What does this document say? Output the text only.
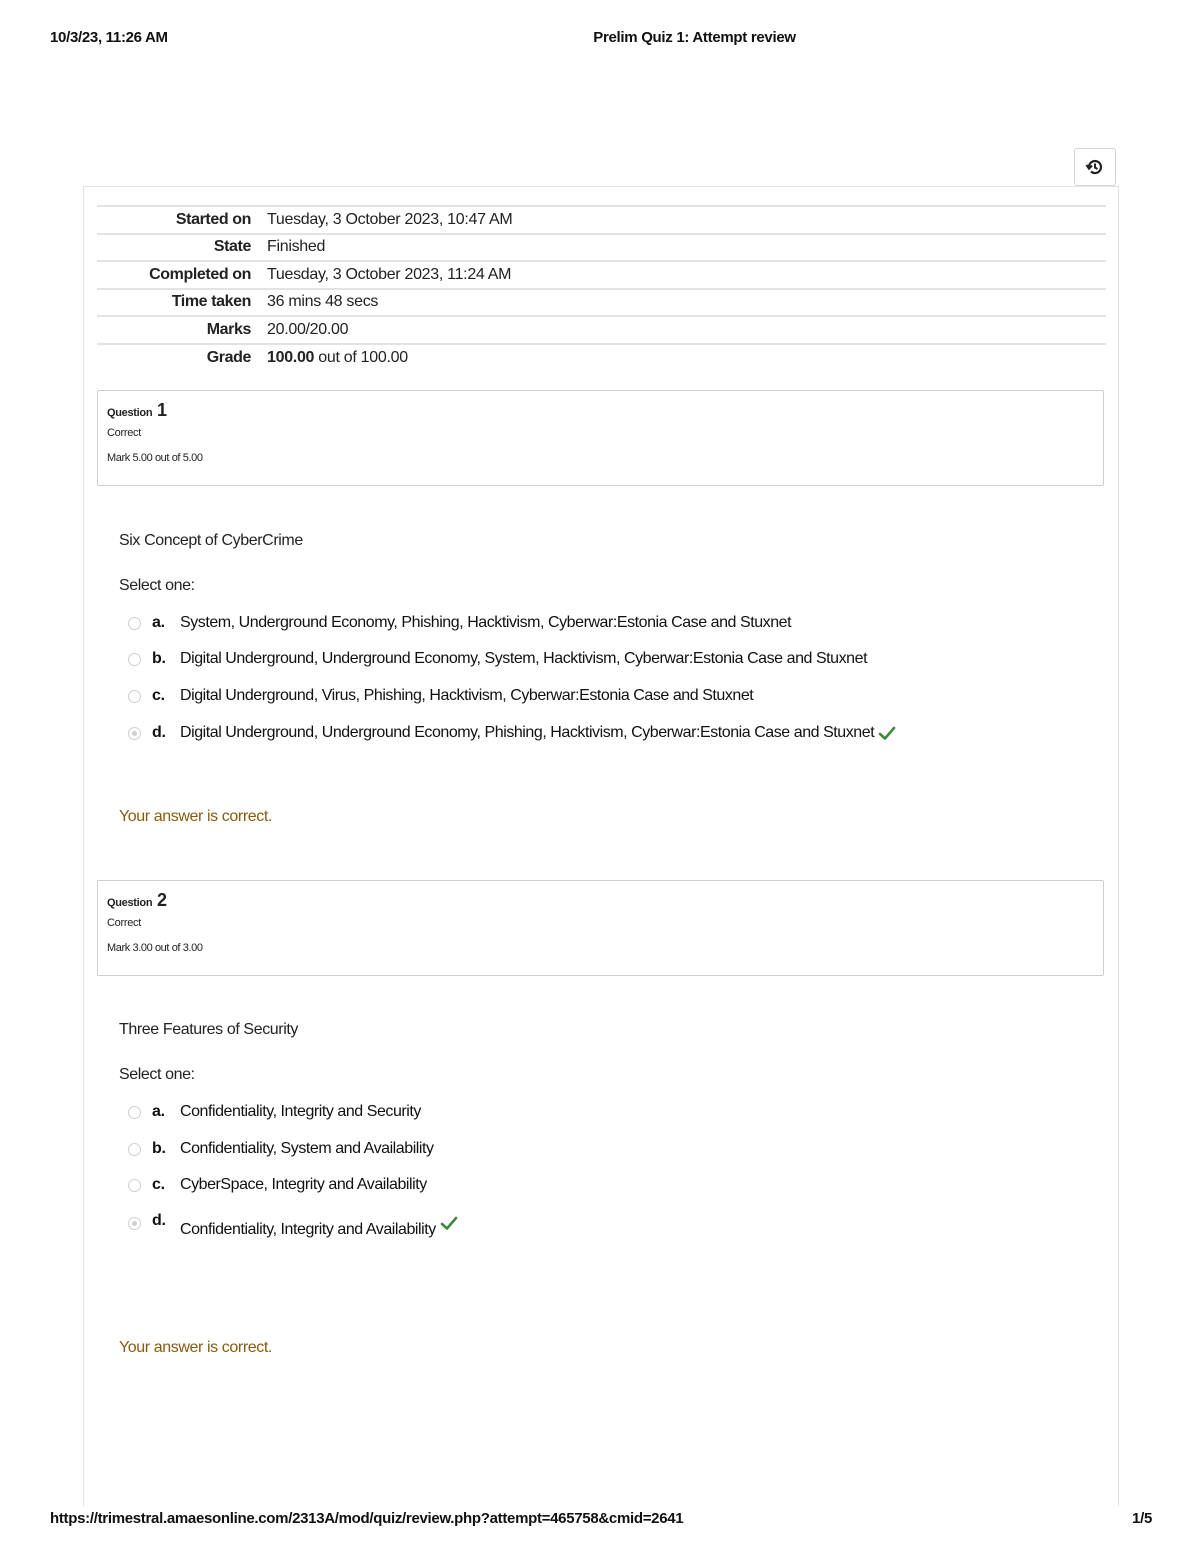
10/3/23, 11:26 AM	Prelim Quiz 1: Attempt review
Started on	Tuesday, 3 October 2023, 10:47 AM
State	Finished
Completed on	Tuesday, 3 October 2023, 11:24 AM
Time taken	36 mins 48 secs
Marks	20.00/20.00
Grade	100.00 out of 100.00
Question 1
Correct
Mark 5.00 out of 5.00
Six Concept of CyberCrime
Select one:
a. System, Underground Economy, Phishing, Hacktivism, Cyberwar:Estonia Case and Stuxnet
b. Digital Underground, Underground Economy, System, Hacktivism, Cyberwar:Estonia Case and Stuxnet
c. Digital Underground, Virus, Phishing, Hacktivism, Cyberwar:Estonia Case and Stuxnet
d. Digital Underground, Underground Economy, Phishing, Hacktivism, Cyberwar:Estonia Case and Stuxnet
Your answer is correct.
Question 2
Correct
Mark 3.00 out of 3.00
Three Features of Security
Select one:
a. Confidentiality, Integrity and Security
b. Confidentiality, System and Availability
c. CyberSpace, Integrity and Availability
d.
Confidentiality, Integrity and Availability
Your answer is correct.
https://trimestral.amaesonline.com/2313A/mod/quiz/review.php?attempt=465758&cmid=2641	1/5
